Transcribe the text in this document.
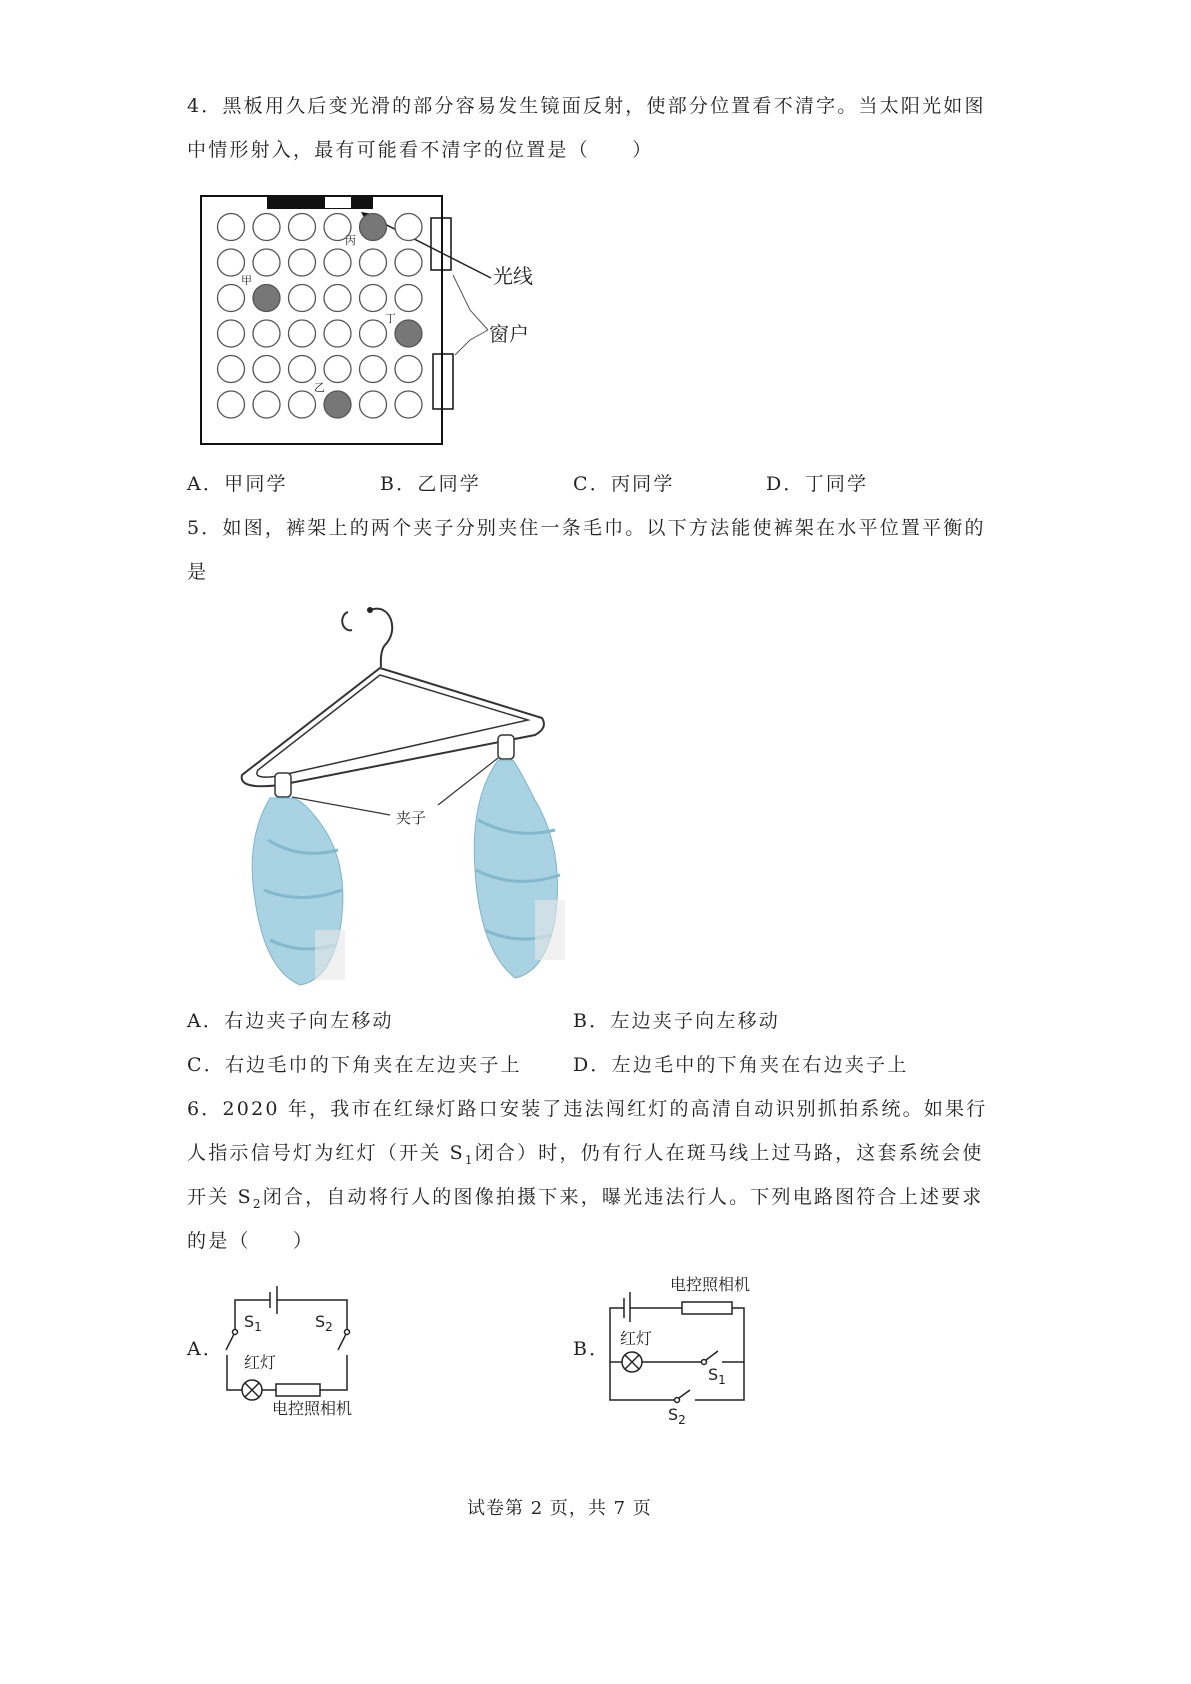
4．黑板用久后变光滑的部分容易发生镜面反射，使部分位置看不清字。当太阳光如图
中情形射入，最有可能看不清字的位置是（　　）
光线
窗户
丙
甲
丁
乙
A．甲同学	B．乙同学	C．丙同学	D．丁同学
5．如图，裤架上的两个夹子分别夹住一条毛巾。以下方法能使裤架在水平位置平衡的
是
夹子
A．右边夹子向左移动	B．左边夹子向左移动
C．右边毛巾的下角夹在左边夹子上	D．左边毛中的下角夹在右边夹子上
6．2020 年，我市在红绿灯路口安装了违法闯红灯的高清自动识别抓拍系统。如果行
人指示信号灯为红灯（开关 $S_1$闭合）时，仍有行人在斑马线上过马路，这套系统会使
开关 $S_2$闭合，自动将行人的图像拍摄下来，曝光违法行人。下列电路图符合上述要求
的是（　　）
A．
$S_1$	$S_2$
红灯
电控照相机
B．
电控照相机
红灯
$S_1$
$S_2$
试卷第 2 页，共 7 页
